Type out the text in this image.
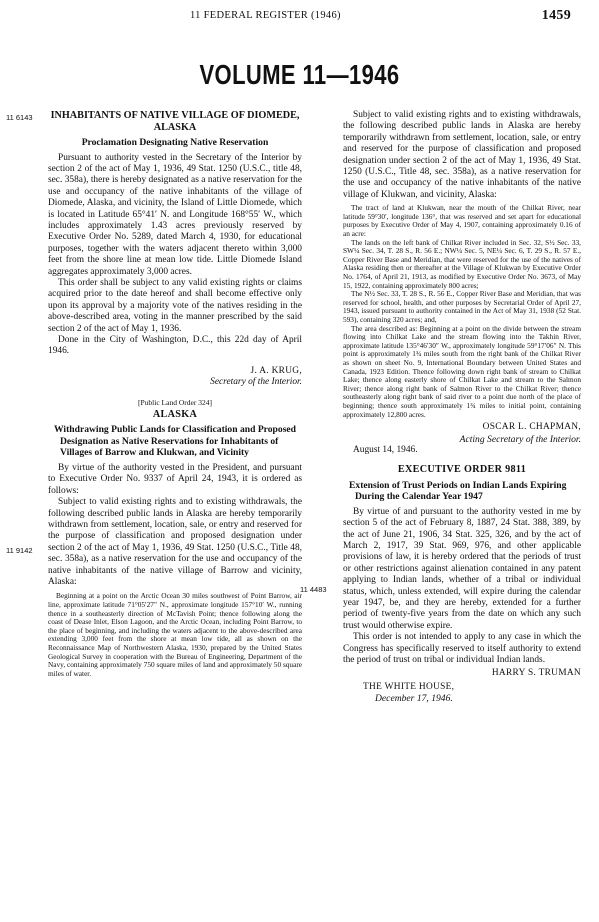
11 FEDERAL REGISTER (1946)	1459
VOLUME 11—1946
11 6143
11 9142
11 4483
INHABITANTS OF NATIVE VILLAGE OF DIOMEDE, ALASKA
Proclamation Designating Native Reservation

Pursuant to authority vested in the Secretary of the Interior by section 2 of the act of May 1, 1936, 49 Stat. 1250 (U.S.C., title 48, sec. 358a), there is hereby designated as a native reservation for the use and occupancy of the native inhabitants of the village of Diomede, Alaska, and vicinity, the Island of Little Diomede, which is located in Latitude 65°41′ N. and Longitude 168°55′ W., which includes approximately 1.43 acres previously reserved by Executive Order No. 5289, dated March 4, 1930, for educational purposes, together with the waters adjacent thereto within 3,000 feet from the shore line at mean low tide. Little Diomede Island aggregates approximately 3,000 acres.

This order shall be subject to any valid existing rights or claims acquired prior to the date hereof and shall become effective only upon its approval by a majority vote of the natives residing in the above-described area, voting in the manner prescribed by the said section 2 of the act of May 1, 1936.

Done in the City of Washington, D.C., this 22d day of April 1946.

J. A. KRUG,
Secretary of the Interior.
[Public Land Order 324]
ALASKA
Withdrawing Public Lands for Classification and Proposed Designation as Native Reservations for Inhabitants of Villages of Barrow and Klukwan, and Vicinity

By virtue of the authority vested in the President, and pursuant to Executive Order No. 9337 of April 24, 1943, it is ordered as follows:

Subject to valid existing rights and to existing withdrawals, the following described public lands in Alaska are hereby temporarily withdrawn from settlement, location, sale, or entry and reserved for the purpose of classification and proposed designation under section 2 of the act of May 1, 1936, 49 Stat. 1250 (U.S.C., Title 48, sec. 358a), as a native reservation for the use and occupancy of the native inhabitants of the native village of Barrow and vicinity, Alaska:

Beginning at a point on the Arctic Ocean 30 miles southwest of Point Barrow, air line, approximate latitude 71°05′27″ N., approximate longitude 157°10′ W., running thence in a southeasterly direction of McTavish Point; thence following along the coast of Dease Inlet, Elson Lagoon, and the Arctic Ocean, including Point Barrow, to the place of beginning, and including the waters adjacent to the above-described area extending 3,000 feet from the shore at mean low tide, all as shown on the Reconnaissance Map of Northwestern Alaska, 1930, prepared by the United States Geological Survey in cooperation with the Bureau of Engineering, Department of the Navy, containing approximately 750 square miles of land and approximately 50 square miles of water.

Subject to valid existing rights and to existing withdrawals, the following described public lands in Alaska are hereby temporarily withdrawn from settlement, location, sale, or entry and reserved for the purpose of classification and proposed designation under section 2 of the act of May 1, 1936, 49 Stat. 1250 (U.S.C., Title 48, sec. 358a), as a native reservation for the use and occupancy of the native inhabitants of the native village of Klukwan, and vicinity, Alaska:

The tract of land at Klukwan, near the mouth of the Chilkat River, near latitude 59°30′, longitude 136°, that was reserved and set apart for educational purposes by Executive Order of May 4, 1907, containing approximately 0.16 of an acre:

The lands on the left bank of Chilkat River included in Sec. 32, S½ Sec. 33, SW¼ Sec. 34, T. 28 S., R. 56 E.; NW¼ Sec. 5, NE¼ Sec. 6, T. 29 S., R. 57 E., Copper River Base and Meridian, that were reserved for the use of the natives of Alaska residing then or thereafter at the Village of Klukwan by Executive Order No. 1764, of April 21, 1913, as modified by Executive Order No. 3673, of May 15, 1922, containing approximately 800 acres;

The N½ Sec. 33, T. 28 S., R. 56 E., Copper River Base and Meridian, that was reserved for school, health, and other purposes by Secretarial Order of April 27, 1943, issued pursuant to authority contained in the Act of May 31, 1938 (52 Stat. 593), containing 320 acres; and,

The area described as: Beginning at a point on the divide between the stream flowing into Chilkat Lake and the stream flowing into the Takhin River, approximate latitude 135°46′30″ W., approximately longitude 59°17′06″ N. This point is approximately 1¾ miles south from the right bank of the Chilkat River as shown on sheet No. 9, International Boundary between United States and Canada, 1923 Edition. Thence following down right bank of stream to Chilkat Lake; thence along easterly shore of Chilkat Lake and stream to the Salmon River; thence along right bank of Salmon River to the Chilkat River; thence southeasterly along right bank of said river to a point due north of the place of beginning; thence south approximately 1¾ miles to initial point, containing approximately 12,800 acres.

OSCAR L. CHAPMAN,
Acting Secretary of the Interior.
August 14, 1946.
EXECUTIVE ORDER 9811
Extension of Trust Periods on Indian Lands Expiring During the Calendar Year 1947

By virtue of and pursuant to the authority vested in me by section 5 of the act of February 8, 1887, 24 Stat. 388, 389, by the act of June 21, 1906, 34 Stat. 325, 326, and by the act of March 2, 1917, 39 Stat. 969, 976, and other applicable provisions of law, it is hereby ordered that the periods of trust or other restrictions against alienation contained in any patent applying to Indian lands, whether of a tribal or individual status, which, unless extended, will expire during the calendar year 1947, be, and they are hereby, extended for a further period of twenty-five years from the date on which any such trust would otherwise expire.

This order is not intended to apply to any case in which the Congress has specifically reserved to itself authority to extend the period of trust on tribal or individual Indian lands.

HARRY S. TRUMAN
THE WHITE HOUSE,
December 17, 1946.
